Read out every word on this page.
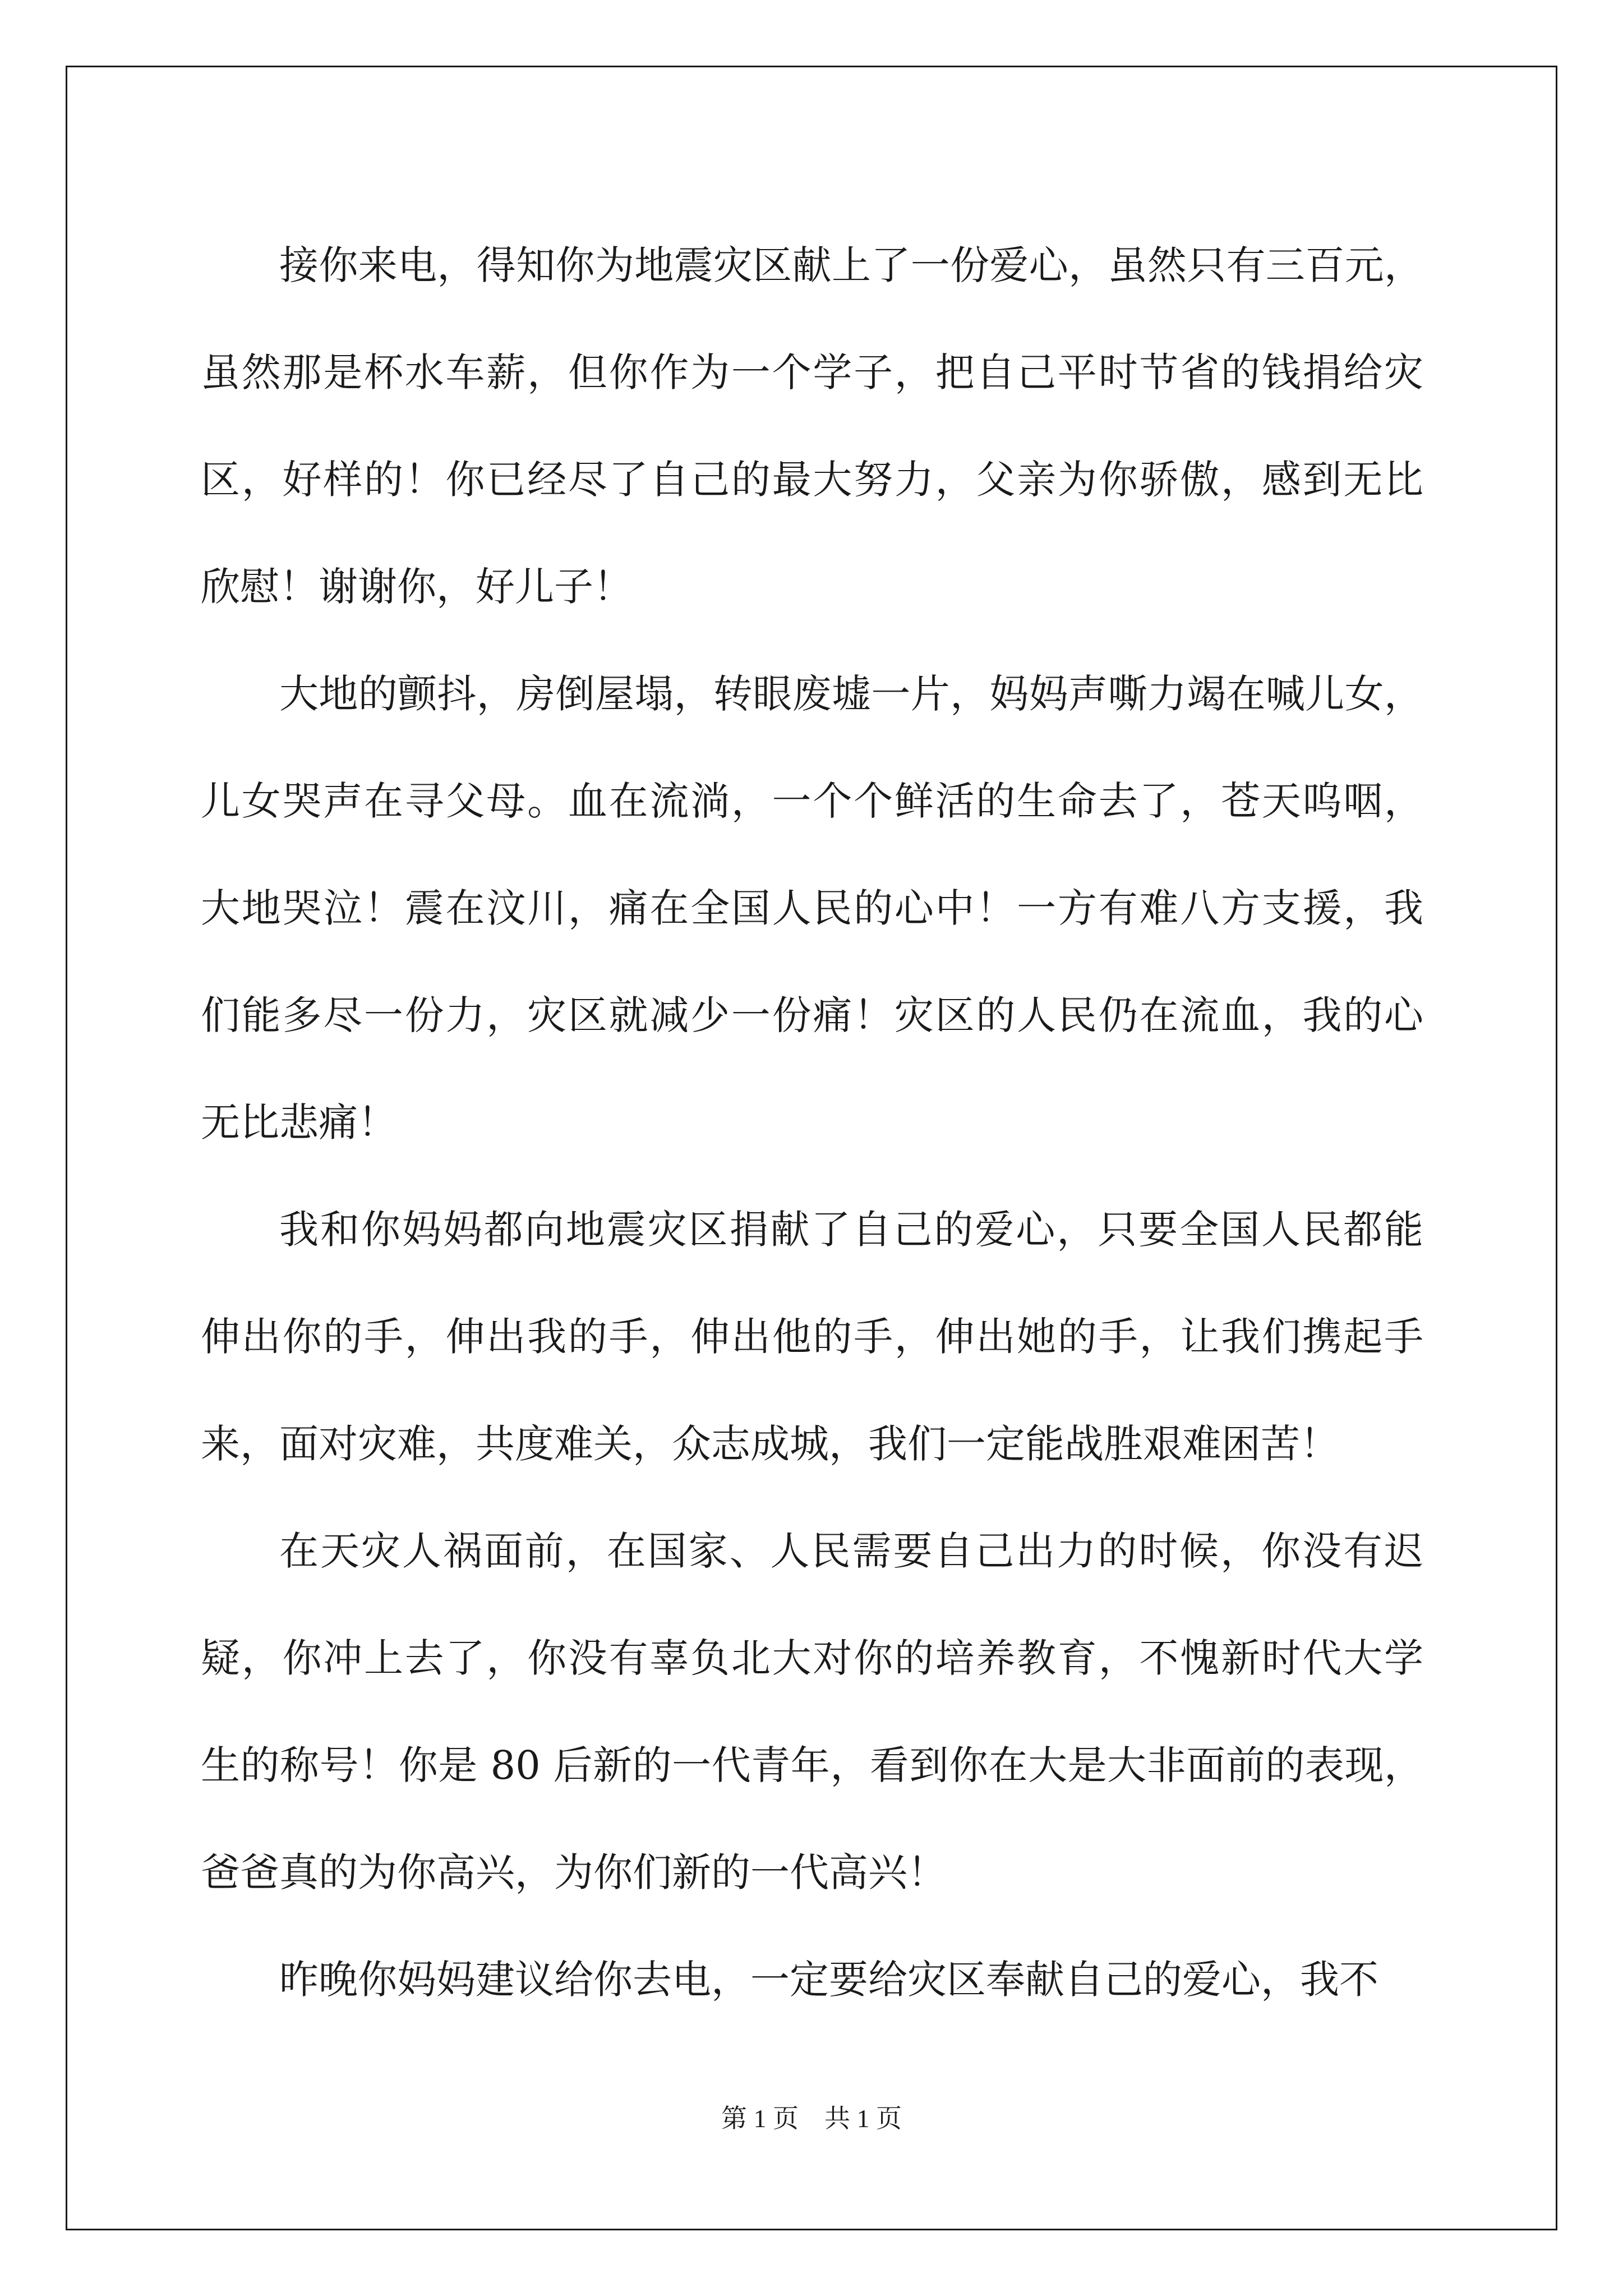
接你来电，得知你为地震灾区献上了一份爱心，虽然只有三百元，
虽然那是杯水车薪，但你作为一个学子，把自己平时节省的钱捐给灾
区，好样的！你已经尽了自己的最大努力，父亲为你骄傲，感到无比
欣慰！谢谢你，好儿子！
大地的颤抖，房倒屋塌，转眼废墟一片，妈妈声嘶力竭在喊儿女，
儿女哭声在寻父母。血在流淌，一个个鲜活的生命去了，苍天呜咽，
大地哭泣！震在汶川，痛在全国人民的心中！一方有难八方支援，我
们能多尽一份力，灾区就减少一份痛！灾区的人民仍在流血，我的心
无比悲痛！
我和你妈妈都向地震灾区捐献了自己的爱心，只要全国人民都能
伸出你的手，伸出我的手，伸出他的手，伸出她的手，让我们携起手
来，面对灾难，共度难关，众志成城，我们一定能战胜艰难困苦！
在天灾人祸面前，在国家、人民需要自己出力的时候，你没有迟
疑，你冲上去了，你没有辜负北大对你的培养教育，不愧新时代大学
生的称号！你是 80 后新的一代青年，看到你在大是大非面前的表现，
爸爸真的为你高兴，为你们新的一代高兴！
昨晚你妈妈建议给你去电，一定要给灾区奉献自己的爱心，我不
第 1 页　共 1 页
